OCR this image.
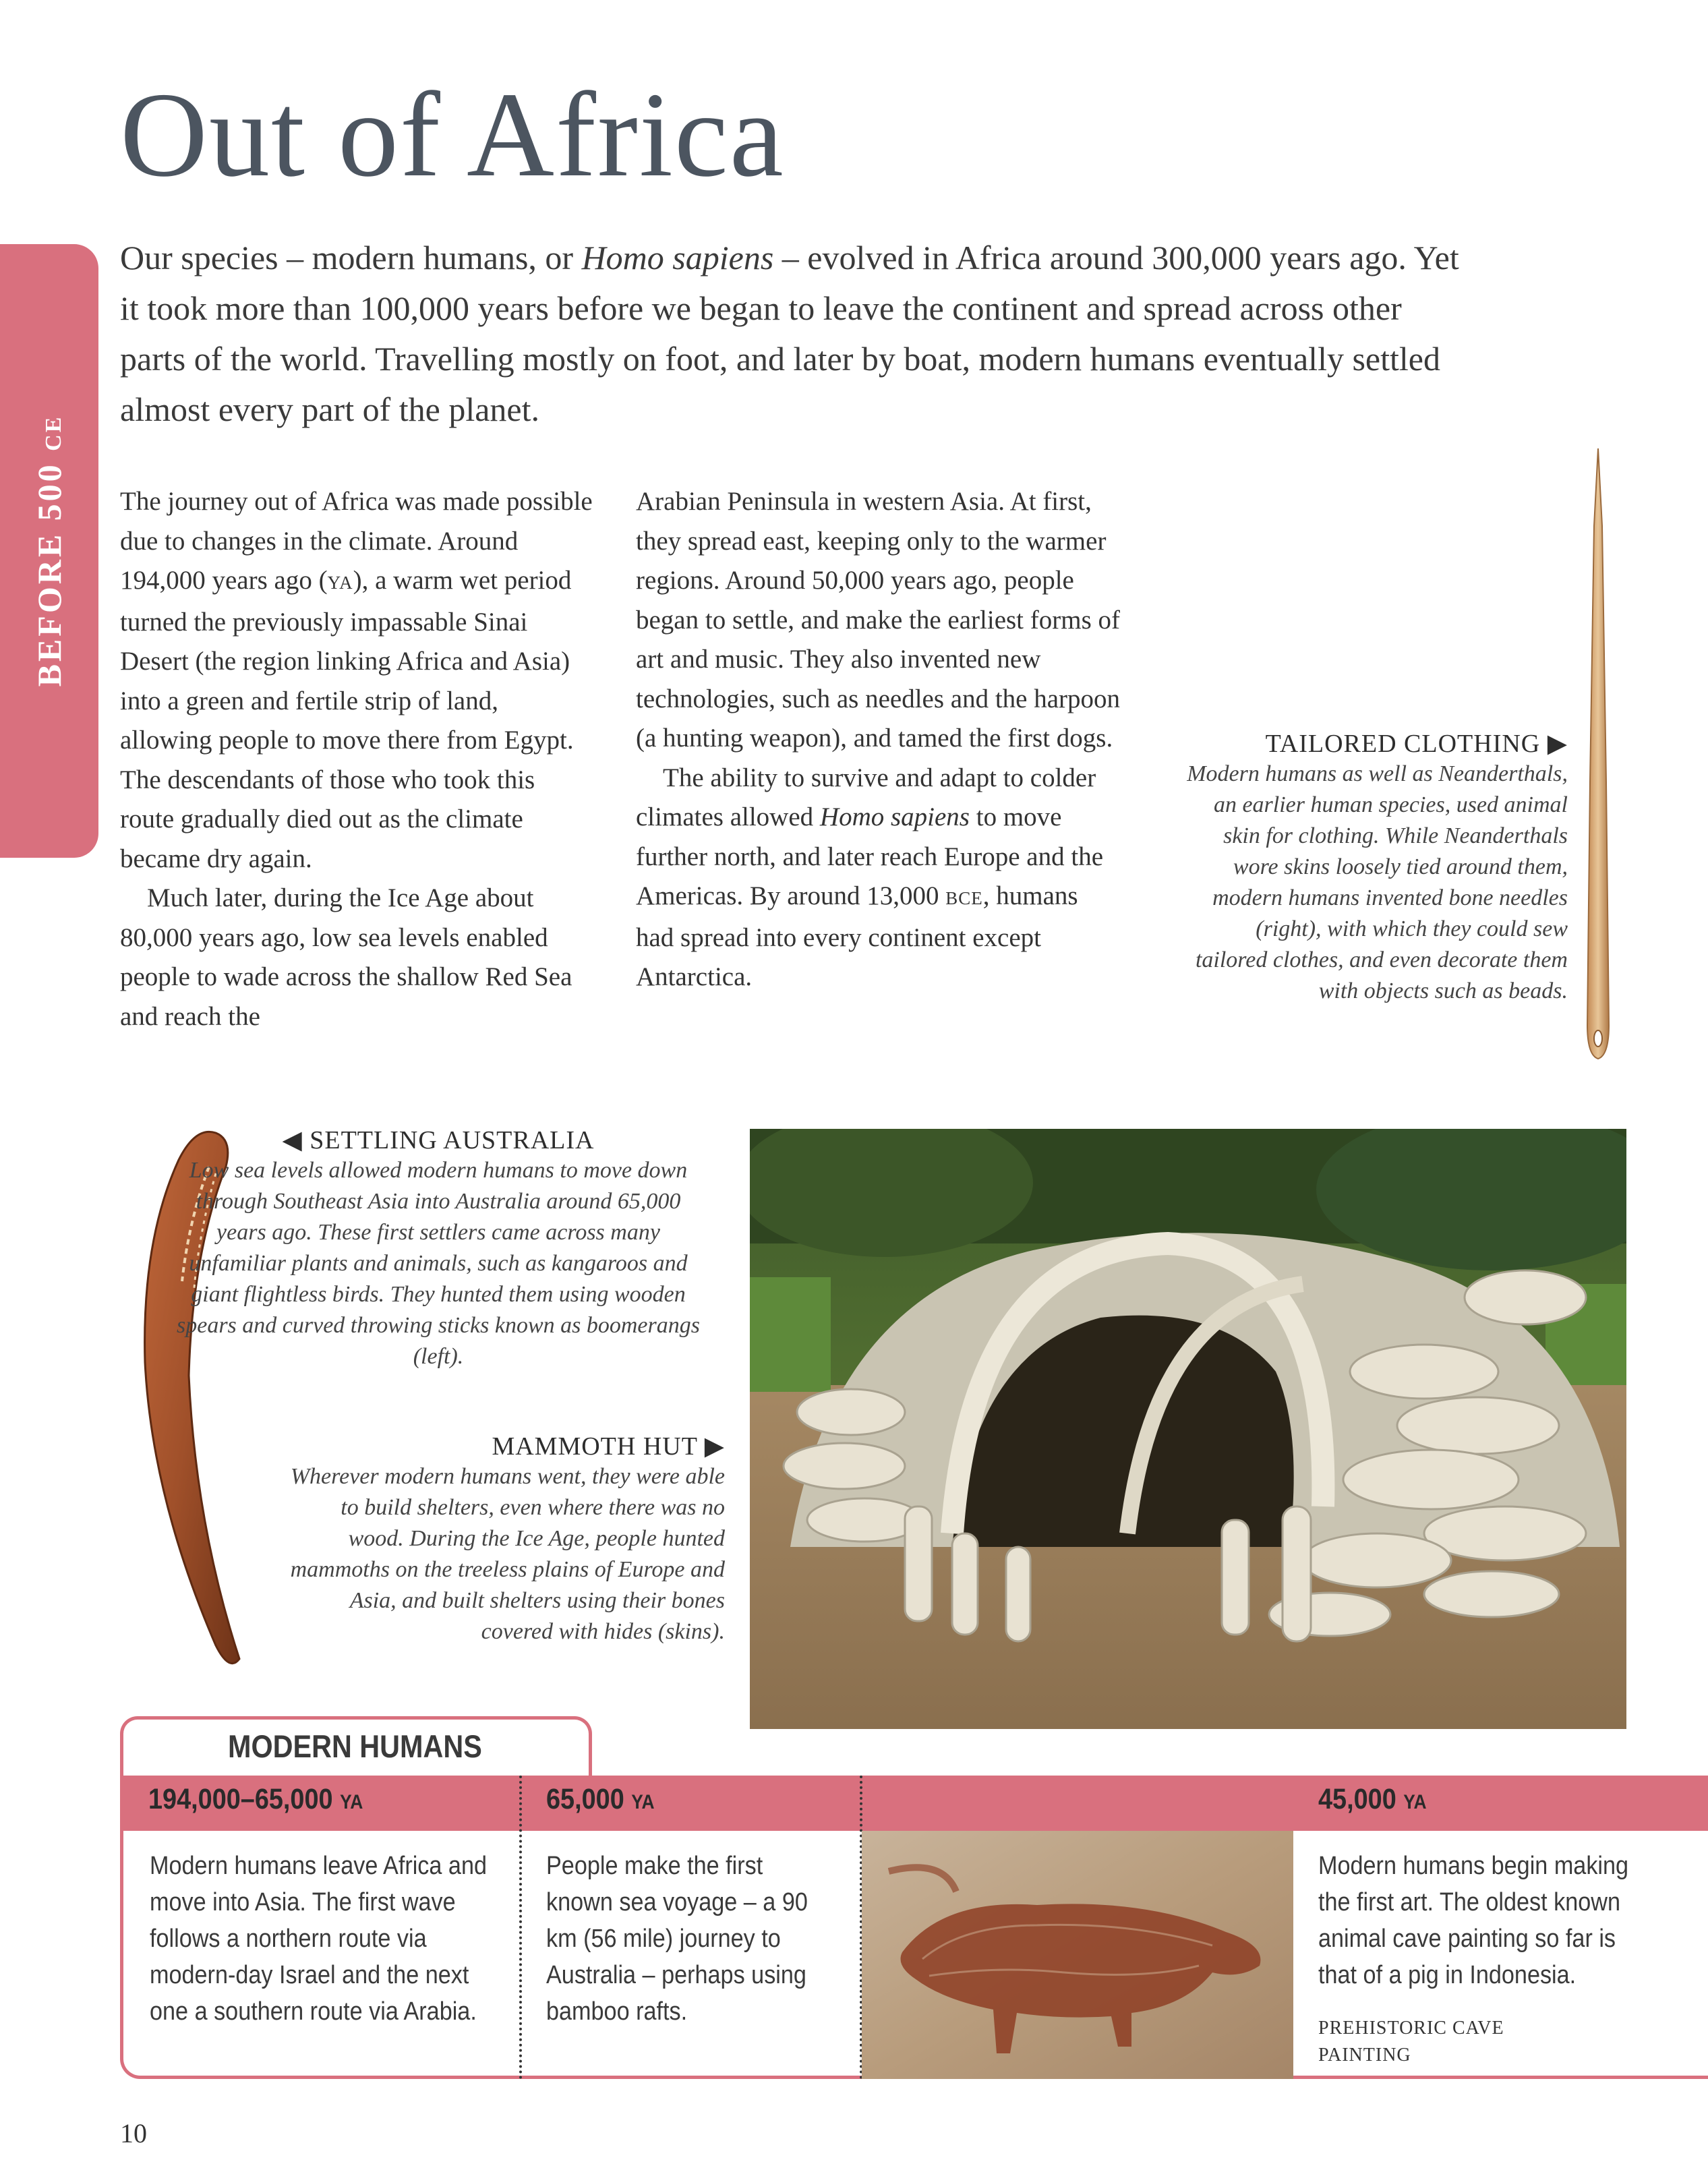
Out of Africa
BEFORE 500 CE

Our species – modern humans, or Homo sapiens – evolved in Africa around 300,000 years ago. Yet it took more than 100,000 years before we began to leave the continent and spread across other parts of the world. Travelling mostly on foot, and later by boat, modern humans eventually settled almost every part of the planet.

The journey out of Africa was made possible due to changes in the climate. Around 194,000 years ago (YA), a warm wet period turned the previously impassable Sinai Desert (the region linking Africa and Asia) into a green and fertile strip of land, allowing people to move there from Egypt. The descendants of those who took this route gradually died out as the climate became dry again.

Much later, during the Ice Age about 80,000 years ago, low sea levels enabled people to wade across the shallow Red Sea and reach the

Arabian Peninsula in western Asia. At first, they spread east, keeping only to the warmer regions. Around 50,000 years ago, people began to settle, and make the earliest forms of art and music. They also invented new technologies, such as needles and the harpoon (a hunting weapon), and tamed the first dogs.

The ability to survive and adapt to colder climates allowed Homo sapiens to move further north, and later reach Europe and the Americas. By around 13,000 BCE, humans had spread into every continent except Antarctica.

TAILORED CLOTHING ▶
Modern humans as well as Neanderthals, an earlier human species, used animal skin for clothing. While Neanderthals wore skins loosely tied around them, modern humans invented bone needles (right), with which they could sew tailored clothes, and even decorate them with objects such as beads.
◀ SETTLING AUSTRALIA
Low sea levels allowed modern humans to move down through Southeast Asia into Australia around 65,000 years ago. These first settlers came across many unfamiliar plants and animals, such as kangaroos and giant flightless birds. They hunted them using wooden spears and curved throwing sticks known as boomerangs (left).
MAMMOTH HUT ▶
Wherever modern humans went, they were able to build shelters, even where there was no wood. During the Ice Age, people hunted mammoths on the treeless plains of Europe and Asia, and built shelters using their bones covered with hides (skins).
MODERN HUMANS
194,000–65,000 YA	65,000 YA	45,000 YA
Modern humans leave Africa and move into Asia. The first wave follows a northern route via modern-day Israel and the next one a southern route via Arabia.
People make the first known sea voyage – a 90 km (56 mile) journey to Australia – perhaps using bamboo rafts.
Modern humans begin making the first art. The oldest known animal cave painting so far is that of a pig in Indonesia.
PREHISTORIC CAVE PAINTING
10
